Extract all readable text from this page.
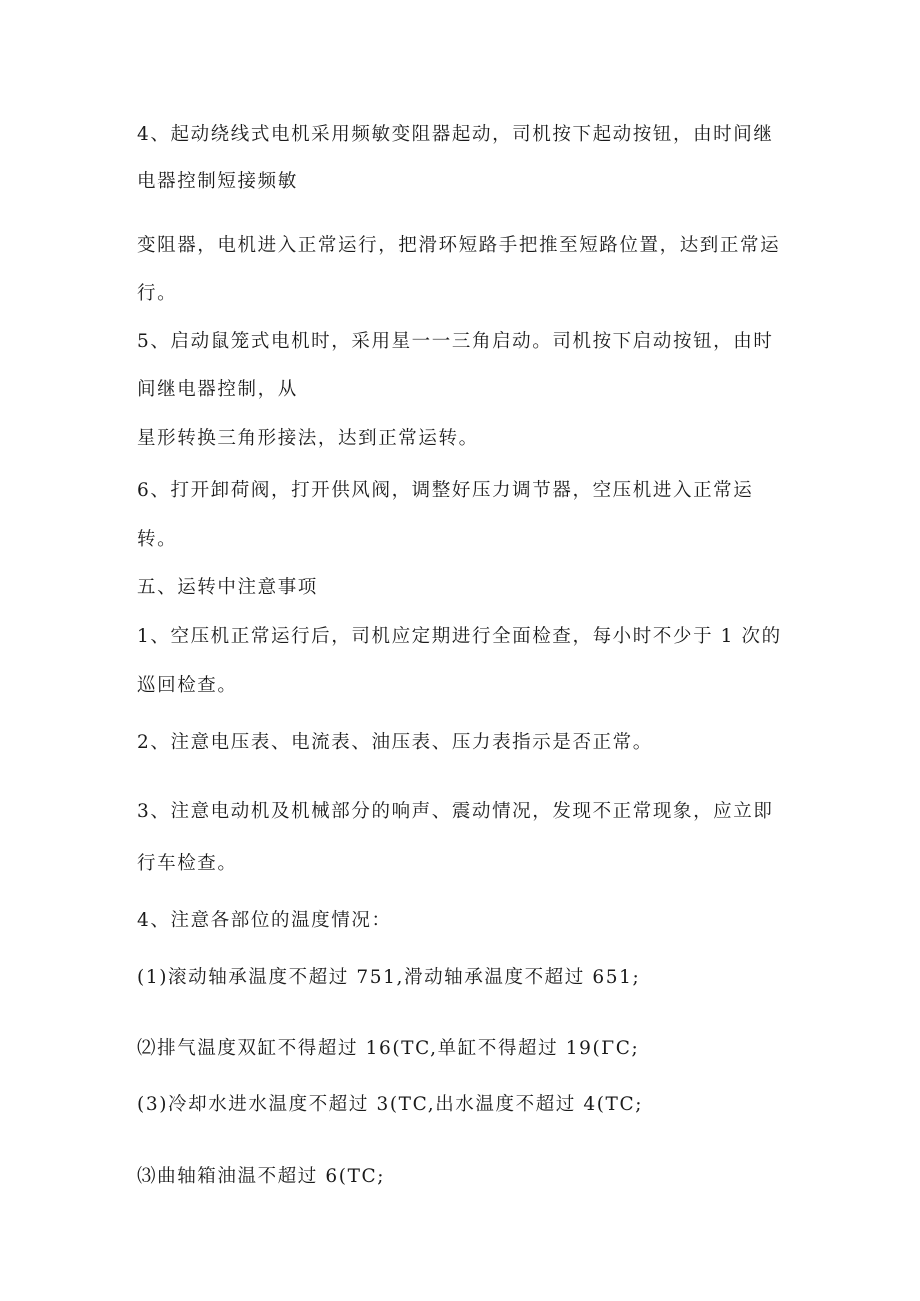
4、起动绕线式电机采用频敏变阻器起动，司机按下起动按钮，由时间继
电器控制短接频敏
变阻器，电机进入正常运行，把滑环短路手把推至短路位置，达到正常运
行。
5、启动鼠笼式电机时，采用星一一三角启动。司机按下启动按钮，由时
间继电器控制，从
星形转换三角形接法，达到正常运转。
6、打开卸荷阀，打开供风阀，调整好压力调节器，空压机进入正常运
转。
五、运转中注意事项
1、空压机正常运行后，司机应定期进行全面检查，每小时不少于 1 次的
巡回检查。
2、注意电压表、电流表、油压表、压力表指示是否正常。
3、注意电动机及机械部分的响声、震动情况，发现不正常现象，应立即
行车检查。
4、注意各部位的温度情况：
(1)滚动轴承温度不超过 751,滑动轴承温度不超过 651;
⑵排气温度双缸不得超过 16(TC,单缸不得超过 19(ΓC;
(3)冷却水进水温度不超过 3(TC,出水温度不超过 4(TC;
⑶曲轴箱油温不超过 6(TC;
